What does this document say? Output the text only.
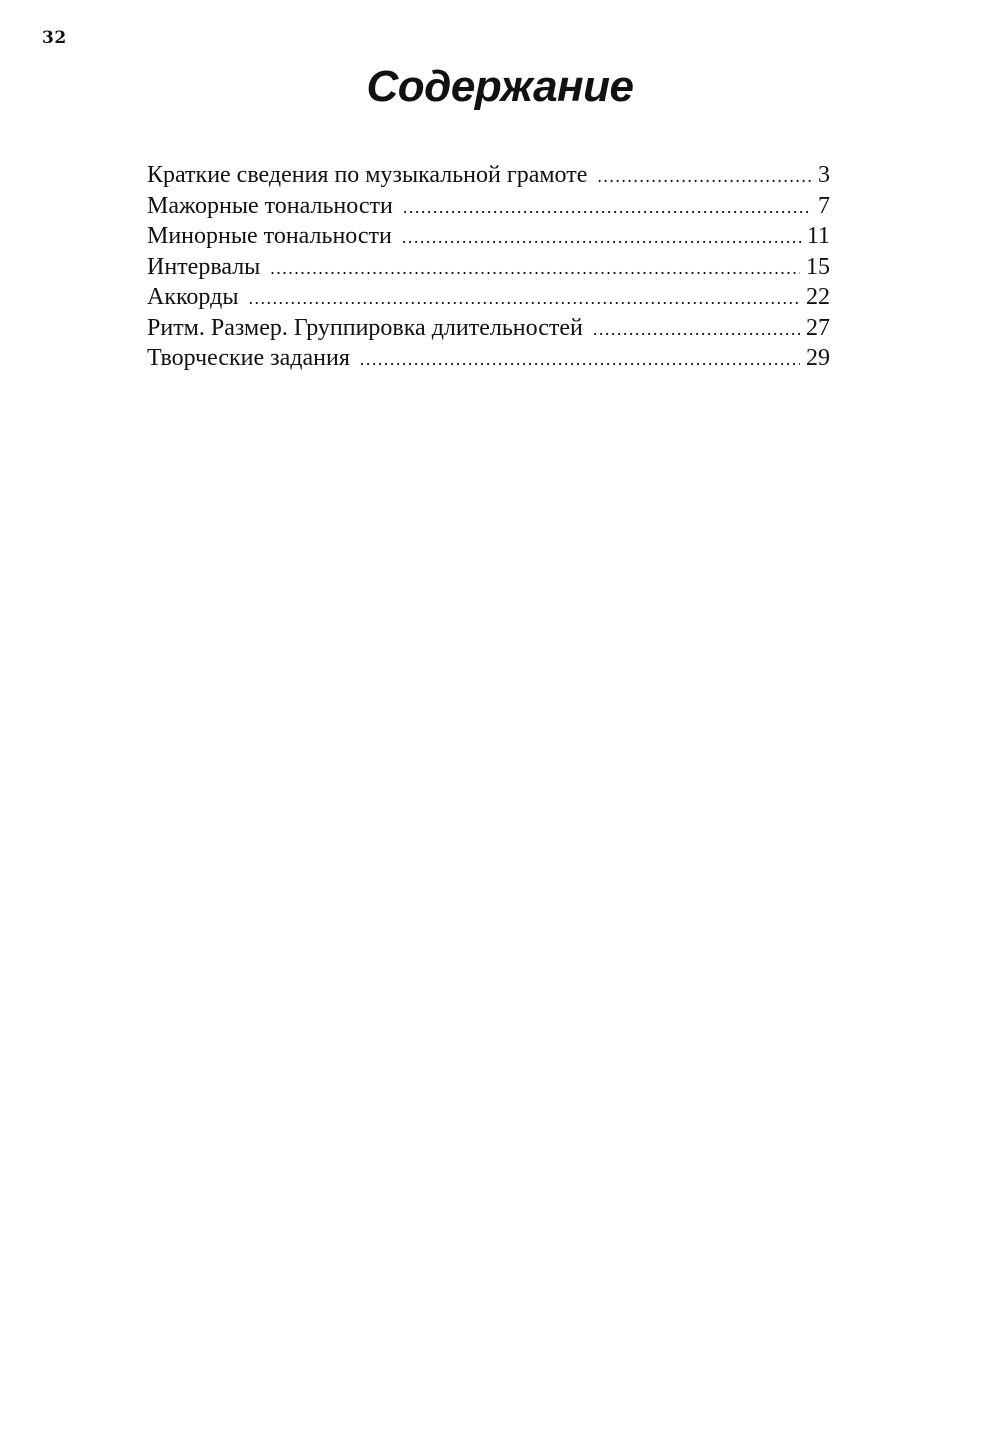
32
Содержание
Краткие сведения по музыкальной грамоте .....	3
Мажорные тональности .....	7
Минорные тональности .....	11
Интервалы .....	15
Аккорды .....	22
Ритм. Размер. Группировка длительностей .....	27
Творческие задания .....	29
